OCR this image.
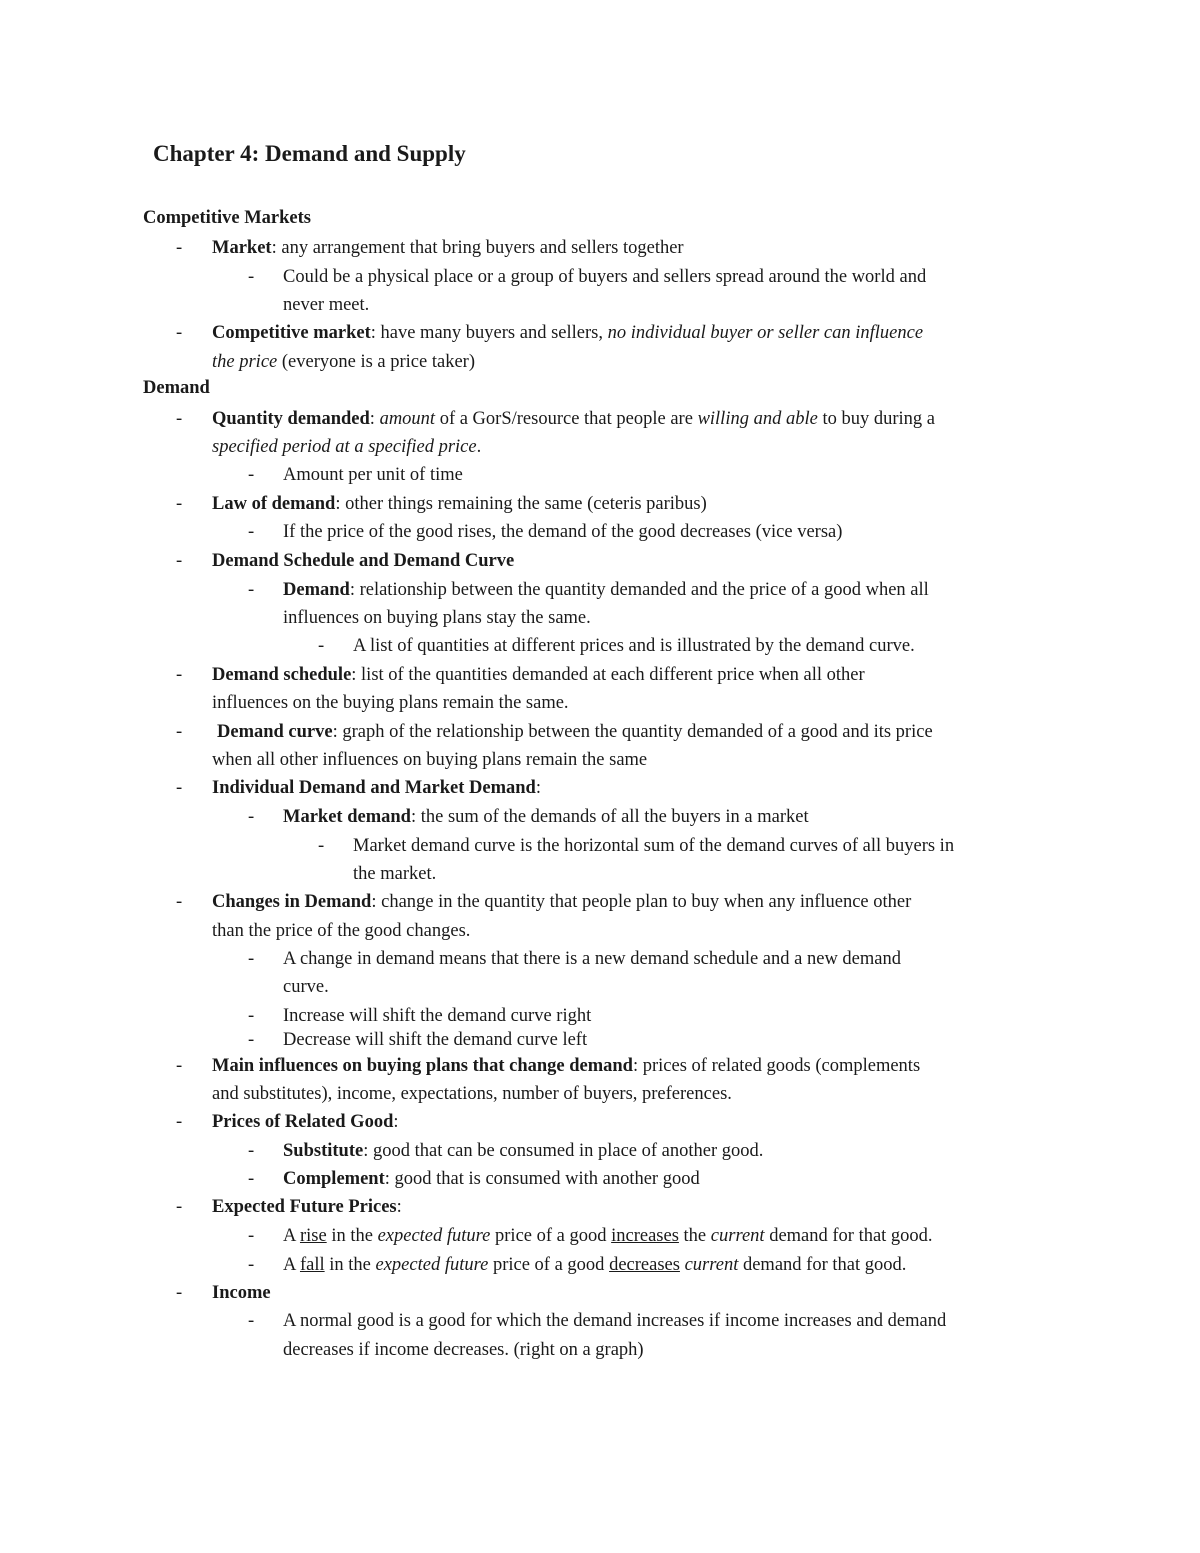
Chapter 4: Demand and Supply
Competitive Markets
- Market: any arrangement that bring buyers and sellers together
- Could be a physical place or a group of buyers and sellers spread around the world and
never meet.
- Competitive market: have many buyers and sellers, no individual buyer or seller can influence
the price (everyone is a price taker)
Demand
- Quantity demanded: amount of a GorS/resource that people are willing and able to buy during a
specified period at a specified price.
- Amount per unit of time
- Law of demand: other things remaining the same (ceteris paribus)
- If the price of the good rises, the demand of the good decreases (vice versa)
- Demand Schedule and Demand Curve
- Demand: relationship between the quantity demanded and the price of a good when all
influences on buying plans stay the same.
- A list of quantities at different prices and is illustrated by the demand curve.
- Demand schedule: list of the quantities demanded at each different price when all other
influences on the buying plans remain the same.
- Demand curve: graph of the relationship between the quantity demanded of a good and its price
when all other influences on buying plans remain the same
- Individual Demand and Market Demand:
- Market demand: the sum of the demands of all the buyers in a market
- Market demand curve is the horizontal sum of the demand curves of all buyers in
the market.
- Changes in Demand: change in the quantity that people plan to buy when any influence other
than the price of the good changes.
- A change in demand means that there is a new demand schedule and a new demand
curve.
- Increase will shift the demand curve right
- Decrease will shift the demand curve left
- Main influences on buying plans that change demand: prices of related goods (complements
and substitutes), income, expectations, number of buyers, preferences.
- Prices of Related Good:
- Substitute: good that can be consumed in place of another good.
- Complement: good that is consumed with another good
- Expected Future Prices:
- A rise in the expected future price of a good increases the current demand for that good.
- A fall in the expected future price of a good decreases current demand for that good.
- Income
- A normal good is a good for which the demand increases if income increases and demand
decreases if income decreases. (right on a graph)
